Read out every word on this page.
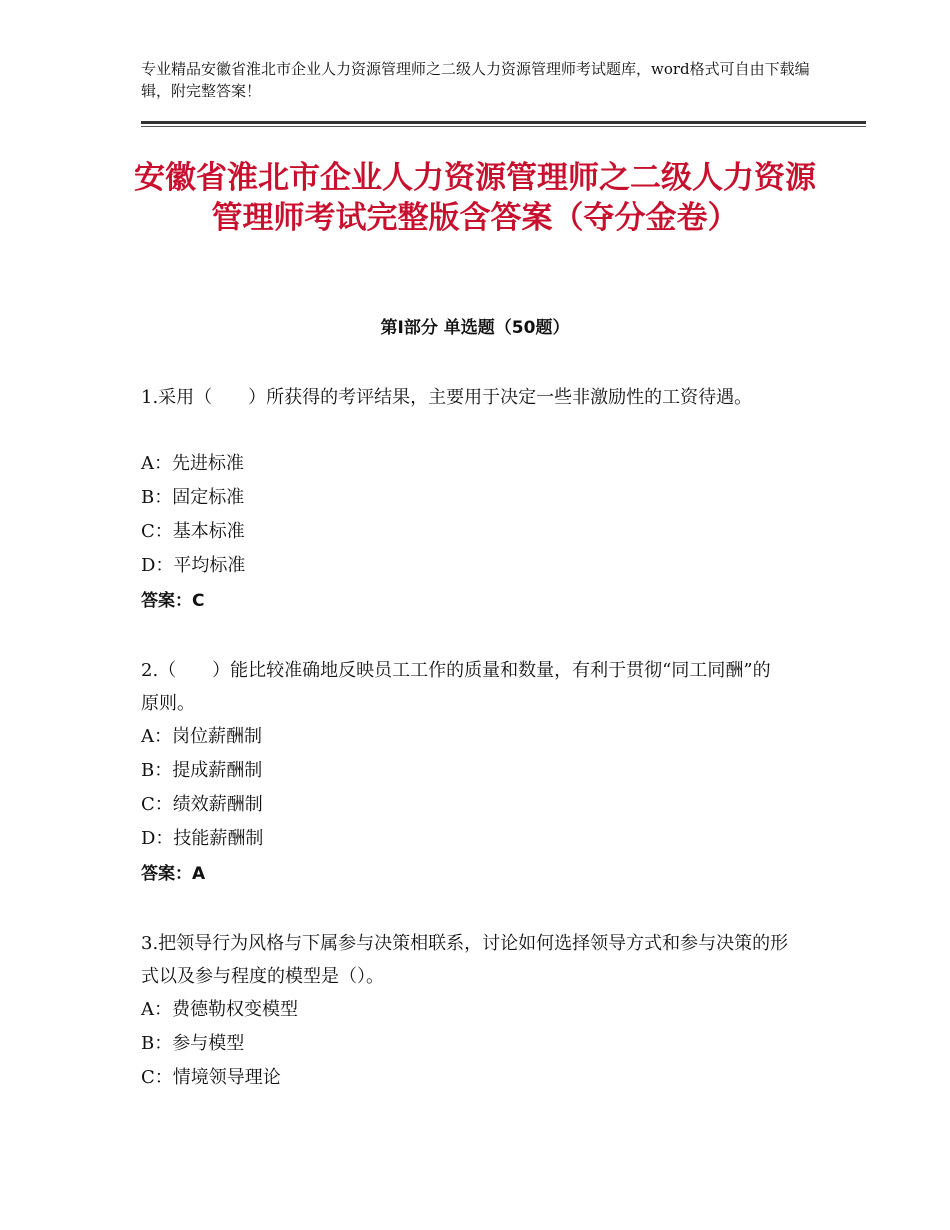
专业精品安徽省淮北市企业人力资源管理师之二级人力资源管理师考试题库，word格式可自由下载编辑，附完整答案！
安徽省淮北市企业人力资源管理师之二级人力资源管理师考试完整版含答案（夺分金卷）
第Ⅰ部分 单选题（50题）
1.采用（　　）所获得的考评结果，主要用于决定一些非激励性的工资待遇。
A：先进标准
B：固定标准
C：基本标准
D：平均标准
答案：C
2.（　　）能比较准确地反映员工工作的质量和数量，有利于贯彻“同工同酬”的原则。
A：岗位薪酬制
B：提成薪酬制
C：绩效薪酬制
D：技能薪酬制
答案：A
3.把领导行为风格与下属参与决策相联系，讨论如何选择领导方式和参与决策的形式以及参与程度的模型是（）。
A：费德勒权变模型
B：参与模型
C：情境领导理论
